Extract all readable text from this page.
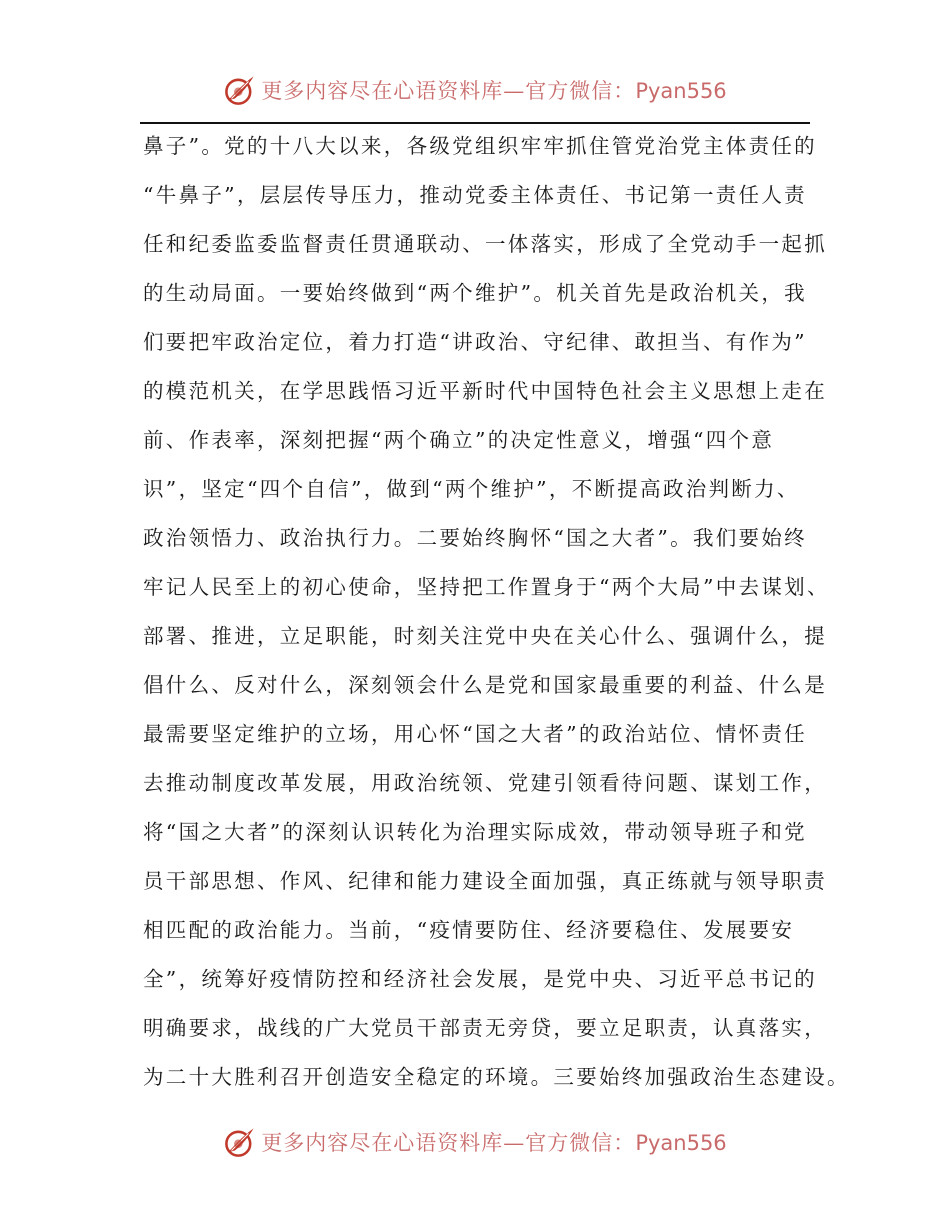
更多内容尽在心语资料库—官方微信：Pyan556
鼻子”。党的十八大以来，各级党组织牢牢抓住管党治党主体责任的
“牛鼻子”，层层传导压力，推动党委主体责任、书记第一责任人责
任和纪委监委监督责任贯通联动、一体落实，形成了全党动手一起抓
的生动局面。一要始终做到“两个维护”。机关首先是政治机关，我
们要把牢政治定位，着力打造“讲政治、守纪律、敢担当、有作为”
的模范机关，在学思践悟习近平新时代中国特色社会主义思想上走在
前、作表率，深刻把握“两个确立”的决定性意义，增强“四个意
识”，坚定“四个自信”，做到“两个维护”，不断提高政治判断力、
政治领悟力、政治执行力。二要始终胸怀“国之大者”。我们要始终
牢记人民至上的初心使命，坚持把工作置身于“两个大局”中去谋划、
部署、推进，立足职能，时刻关注党中央在关心什么、强调什么，提
倡什么、反对什么，深刻领会什么是党和国家最重要的利益、什么是
最需要坚定维护的立场，用心怀“国之大者”的政治站位、情怀责任
去推动制度改革发展，用政治统领、党建引领看待问题、谋划工作，
将“国之大者”的深刻认识转化为治理实际成效，带动领导班子和党
员干部思想、作风、纪律和能力建设全面加强，真正练就与领导职责
相匹配的政治能力。当前，“疫情要防住、经济要稳住、发展要安
全”，统筹好疫情防控和经济社会发展，是党中央、习近平总书记的
明确要求，战线的广大党员干部责无旁贷，要立足职责，认真落实，
为二十大胜利召开创造安全稳定的环境。三要始终加强政治生态建设。
更多内容尽在心语资料库—官方微信：Pyan556
